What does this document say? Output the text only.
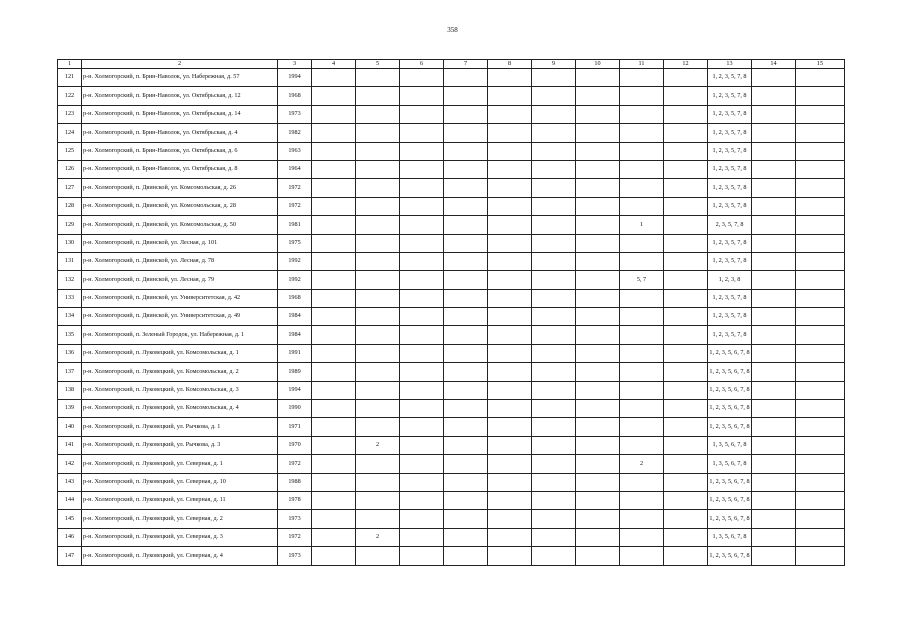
358
1	2	3	4	5	6	7	8	9	10	11	12	13	14	15
121	р-н. Холмогорский, п. Брин-Наволок, ул. Набережная, д. 57	1994										1, 2, 3, 5, 7, 8		
122	р-н. Холмогорский, п. Брин-Наволок, ул. Октябрьская, д. 12	1968										1, 2, 3, 5, 7, 8		
123	р-н. Холмогорский, п. Брин-Наволок, ул. Октябрьская, д. 14	1973										1, 2, 3, 5, 7, 8		
124	р-н. Холмогорский, п. Брин-Наволок, ул. Октябрьская, д. 4	1982										1, 2, 3, 5, 7, 8		
125	р-н. Холмогорский, п. Брин-Наволок, ул. Октябрьская, д. 6	1963										1, 2, 3, 5, 7, 8		
126	р-н. Холмогорский, п. Брин-Наволок, ул. Октябрьская, д. 8	1964										1, 2, 3, 5, 7, 8		
127	р-н. Холмогорский, п. Двинской, ул. Комсомольская, д. 26	1972										1, 2, 3, 5, 7, 8		
128	р-н. Холмогорский, п. Двинской, ул. Комсомольская, д. 28	1972										1, 2, 3, 5, 7, 8		
129	р-н. Холмогорский, п. Двинской, ул. Комсомольская, д. 50	1981								1		2, 3, 5, 7, 8		
130	р-н. Холмогорский, п. Двинской, ул. Лесная, д. 101	1975										1, 2, 3, 5, 7, 8		
131	р-н. Холмогорский, п. Двинской, ул. Лесная, д. 78	1992										1, 2, 3, 5, 7, 8		
132	р-н. Холмогорский, п. Двинской, ул. Лесная, д. 79	1992								5, 7		1, 2, 3, 8		
133	р-н. Холмогорский, п. Двинской, ул. Университетская, д. 42	1968										1, 2, 3, 5, 7, 8		
134	р-н. Холмогорский, п. Двинской, ул. Университетская, д. 49	1984										1, 2, 3, 5, 7, 8		
135	р-н. Холмогорский, п. Зеленый Городок, ул. Набережная, д. 1	1984										1, 2, 3, 5, 7, 8		
136	р-н. Холмогорский, п. Луковецкий, ул. Комсомольская, д. 1	1991										1, 2, 3, 5, 6, 7, 8		
137	р-н. Холмогорский, п. Луковецкий, ул. Комсомольская, д. 2	1989										1, 2, 3, 5, 6, 7, 8		
138	р-н. Холмогорский, п. Луковецкий, ул. Комсомольская, д. 3	1994										1, 2, 3, 5, 6, 7, 8		
139	р-н. Холмогорский, п. Луковецкий, ул. Комсомольская, д. 4	1990										1, 2, 3, 5, 6, 7, 8		
140	р-н. Холмогорский, п. Луковецкий, ул. Рычкова, д. 1	1971										1, 2, 3, 5, 6, 7, 8		
141	р-н. Холмогорский, п. Луковецкий, ул. Рычкова, д. 3	1970		2								1, 3, 5, 6, 7, 8		
142	р-н. Холмогорский, п. Луковецкий, ул. Северная, д. 1	1972								2		1, 3, 5, 6, 7, 8		
143	р-н. Холмогорский, п. Луковецкий, ул. Северная, д. 10	1988										1, 2, 3, 5, 6, 7, 8		
144	р-н. Холмогорский, п. Луковецкий, ул. Северная, д. 11	1978										1, 2, 3, 5, 6, 7, 8		
145	р-н. Холмогорский, п. Луковецкий, ул. Северная, д. 2	1973										1, 2, 3, 5, 6, 7, 8		
146	р-н. Холмогорский, п. Луковецкий, ул. Северная, д. 3	1972		2								1, 3, 5, 6, 7, 8		
147	р-н. Холмогорский, п. Луковецкий, ул. Северная, д. 4	1973										1, 2, 3, 5, 6, 7, 8		
